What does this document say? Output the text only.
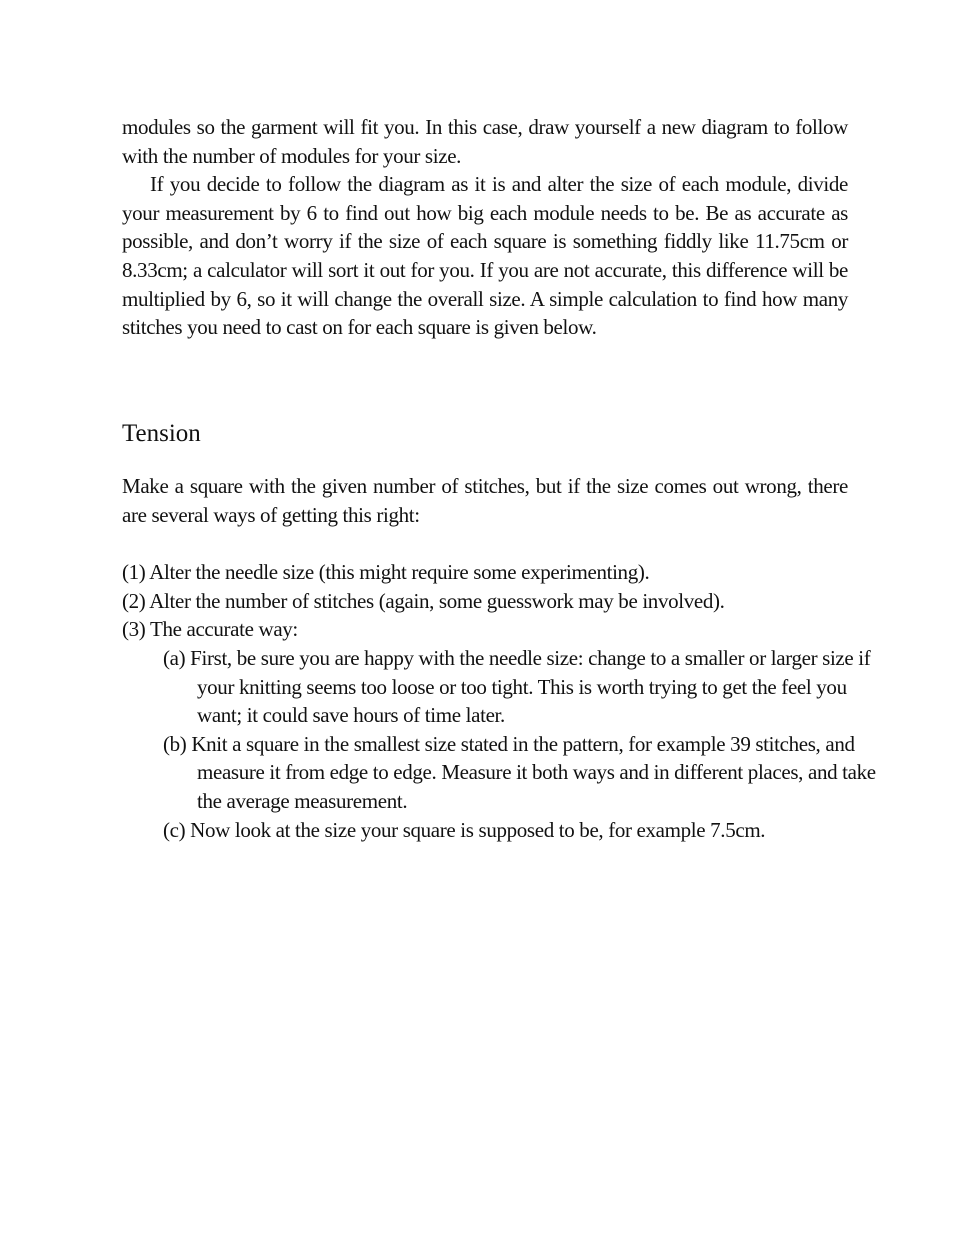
modules so the garment will fit you. In this case, draw yourself a new diagram to follow with the number of modules for your size.

If you decide to follow the diagram as it is and alter the size of each module, divide your measurement by 6 to find out how big each module needs to be. Be as accurate as possible, and don’t worry if the size of each square is something fiddly like 11.75cm or 8.33cm; a calculator will sort it out for you. If you are not accurate, this difference will be multiplied by 6, so it will change the overall size. A simple calculation to find how many stitches you need to cast on for each square is given below.

Tension

Make a square with the given number of stitches, but if the size comes out wrong, there are several ways of getting this right:

(1) Alter the needle size (this might require some experimenting).

(2) Alter the number of stitches (again, some guesswork may be involved).

(3) The accurate way:

(a) First, be sure you are happy with the needle size: change to a smaller or larger size if your knitting seems too loose or too tight. This is worth trying to get the feel you want; it could save hours of time later.

(b) Knit a square in the smallest size stated in the pattern, for example 39 stitches, and measure it from edge to edge. Measure it both ways and in different places, and take the average measurement.

(c) Now look at the size your square is supposed to be, for example 7.5cm.
